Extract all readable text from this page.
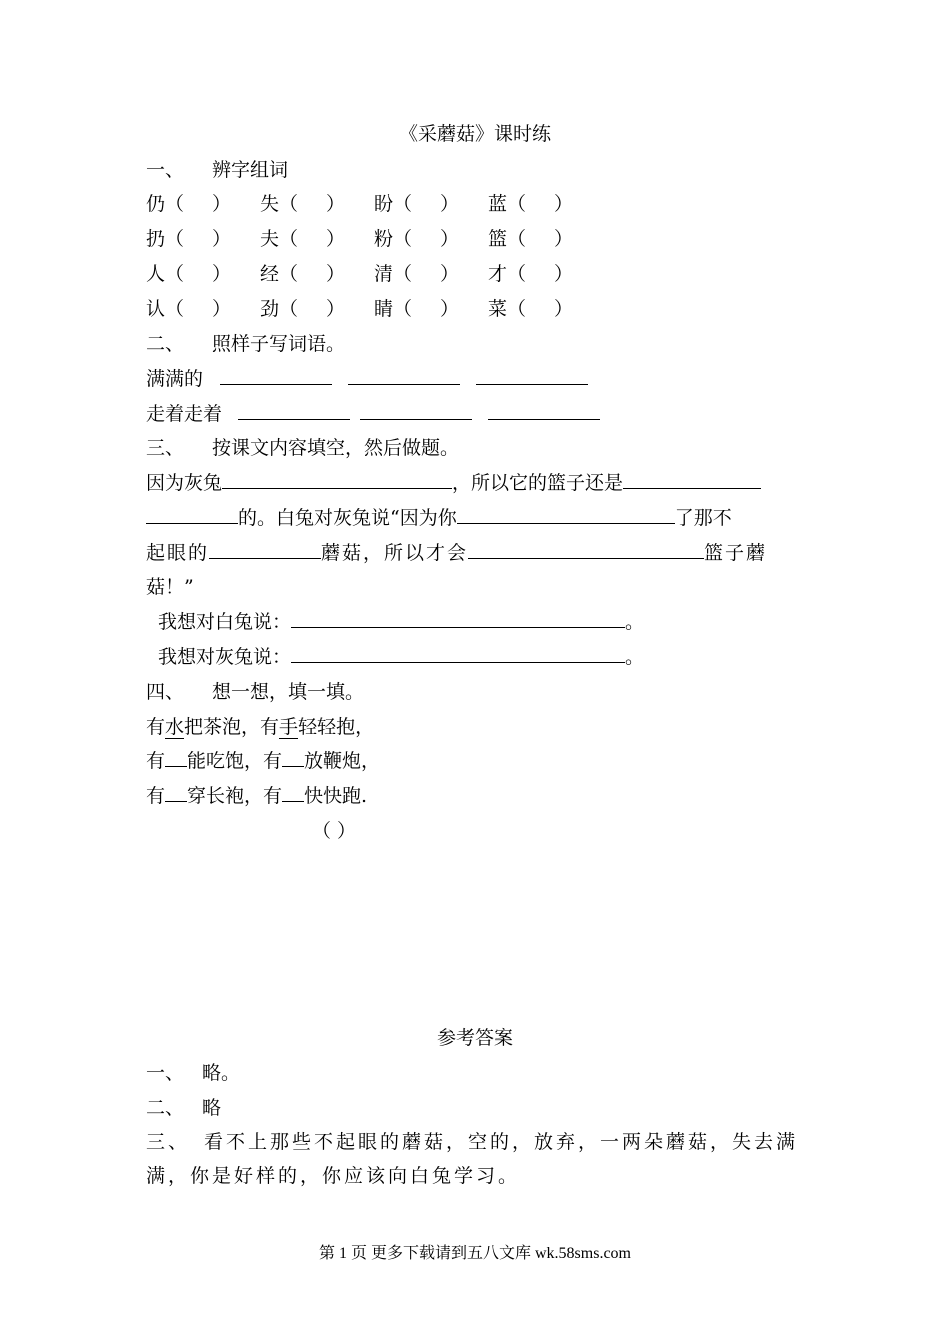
《采蘑菇》课时练
一、 辨字组词
仍（ ） 失（ ） 盼（ ） 蓝（ ）
扔（ ） 夫（ ） 粉（ ） 篮（ ）
人（ ） 经（ ） 清（ ） 才（ ）
认（ ） 劲（ ） 睛（ ） 菜（ ）
二、 照样子写词语。
满满的
走着走着
三、 按课文内容填空，然后做题。
因为灰兔	，所以它的篮子还是
的。白兔对灰兔说“因为你	了那不
起眼的	蘑菇，所以才会	篮子蘑
菇！”
我想对白兔说：	。
我想对灰兔说：	。
四、 想一想，填一填。
有水把茶泡，有手轻轻抱，
有 能吃饱，有 放鞭炮，
有 穿长袍，有 快快跑.
（ ）
参考答案
一、 略。
二、 略
三、 看不上那些不起眼的蘑菇，空的，放弃，一两朵蘑菇，失去满满，你是好样的，你应该向白兔学习。
第 1 页 更多下载请到五八文库 wk.58sms.com
